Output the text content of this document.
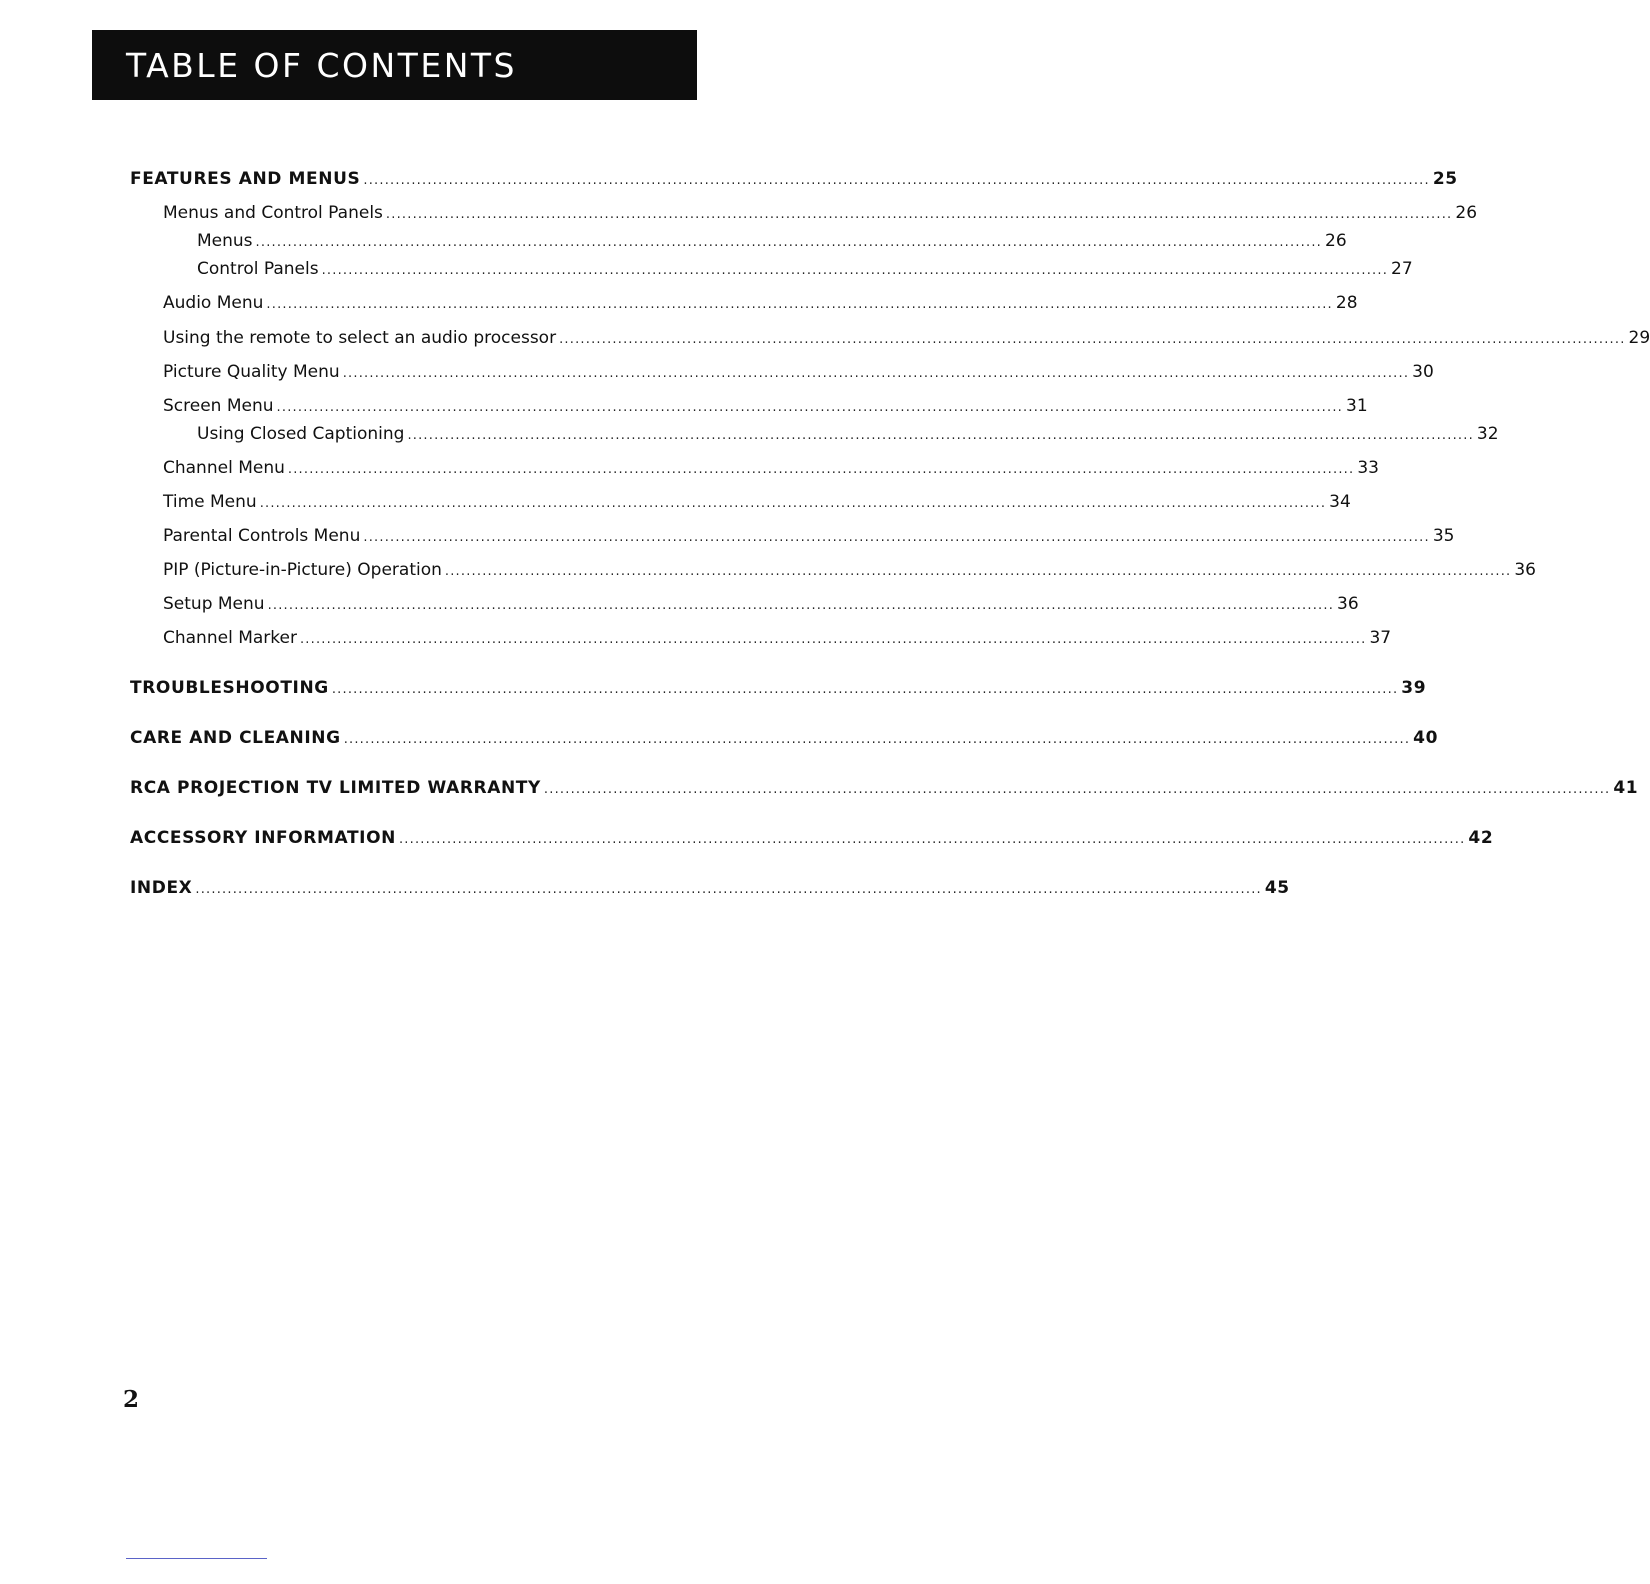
TABLE OF CONTENTS
FEATURES AND MENUS ........................................................................................................................................................................................................ 25
Menus and Control Panels ........................................................................................................................................................................................................ 26
Menus ........................................................................................................................................................................................................ 26
Control Panels ........................................................................................................................................................................................................ 27
Audio Menu ........................................................................................................................................................................................................ 28
Using the remote to select an audio processor ........................................................................................................................................................................................................ 29
Picture Quality Menu ........................................................................................................................................................................................................ 30
Screen Menu ........................................................................................................................................................................................................ 31
Using Closed Captioning ........................................................................................................................................................................................................ 32
Channel Menu ........................................................................................................................................................................................................ 33
Time Menu ........................................................................................................................................................................................................ 34
Parental Controls Menu ........................................................................................................................................................................................................ 35
PIP (Picture-in-Picture) Operation ........................................................................................................................................................................................................ 36
Setup Menu ........................................................................................................................................................................................................ 36
Channel Marker ........................................................................................................................................................................................................ 37
TROUBLESHOOTING ........................................................................................................................................................................................................ 39
CARE AND CLEANING ........................................................................................................................................................................................................ 40
RCA PROJECTION TV LIMITED WARRANTY ........................................................................................................................................................................................................ 41
ACCESSORY INFORMATION ........................................................................................................................................................................................................ 42
INDEX ........................................................................................................................................................................................................ 45
2
